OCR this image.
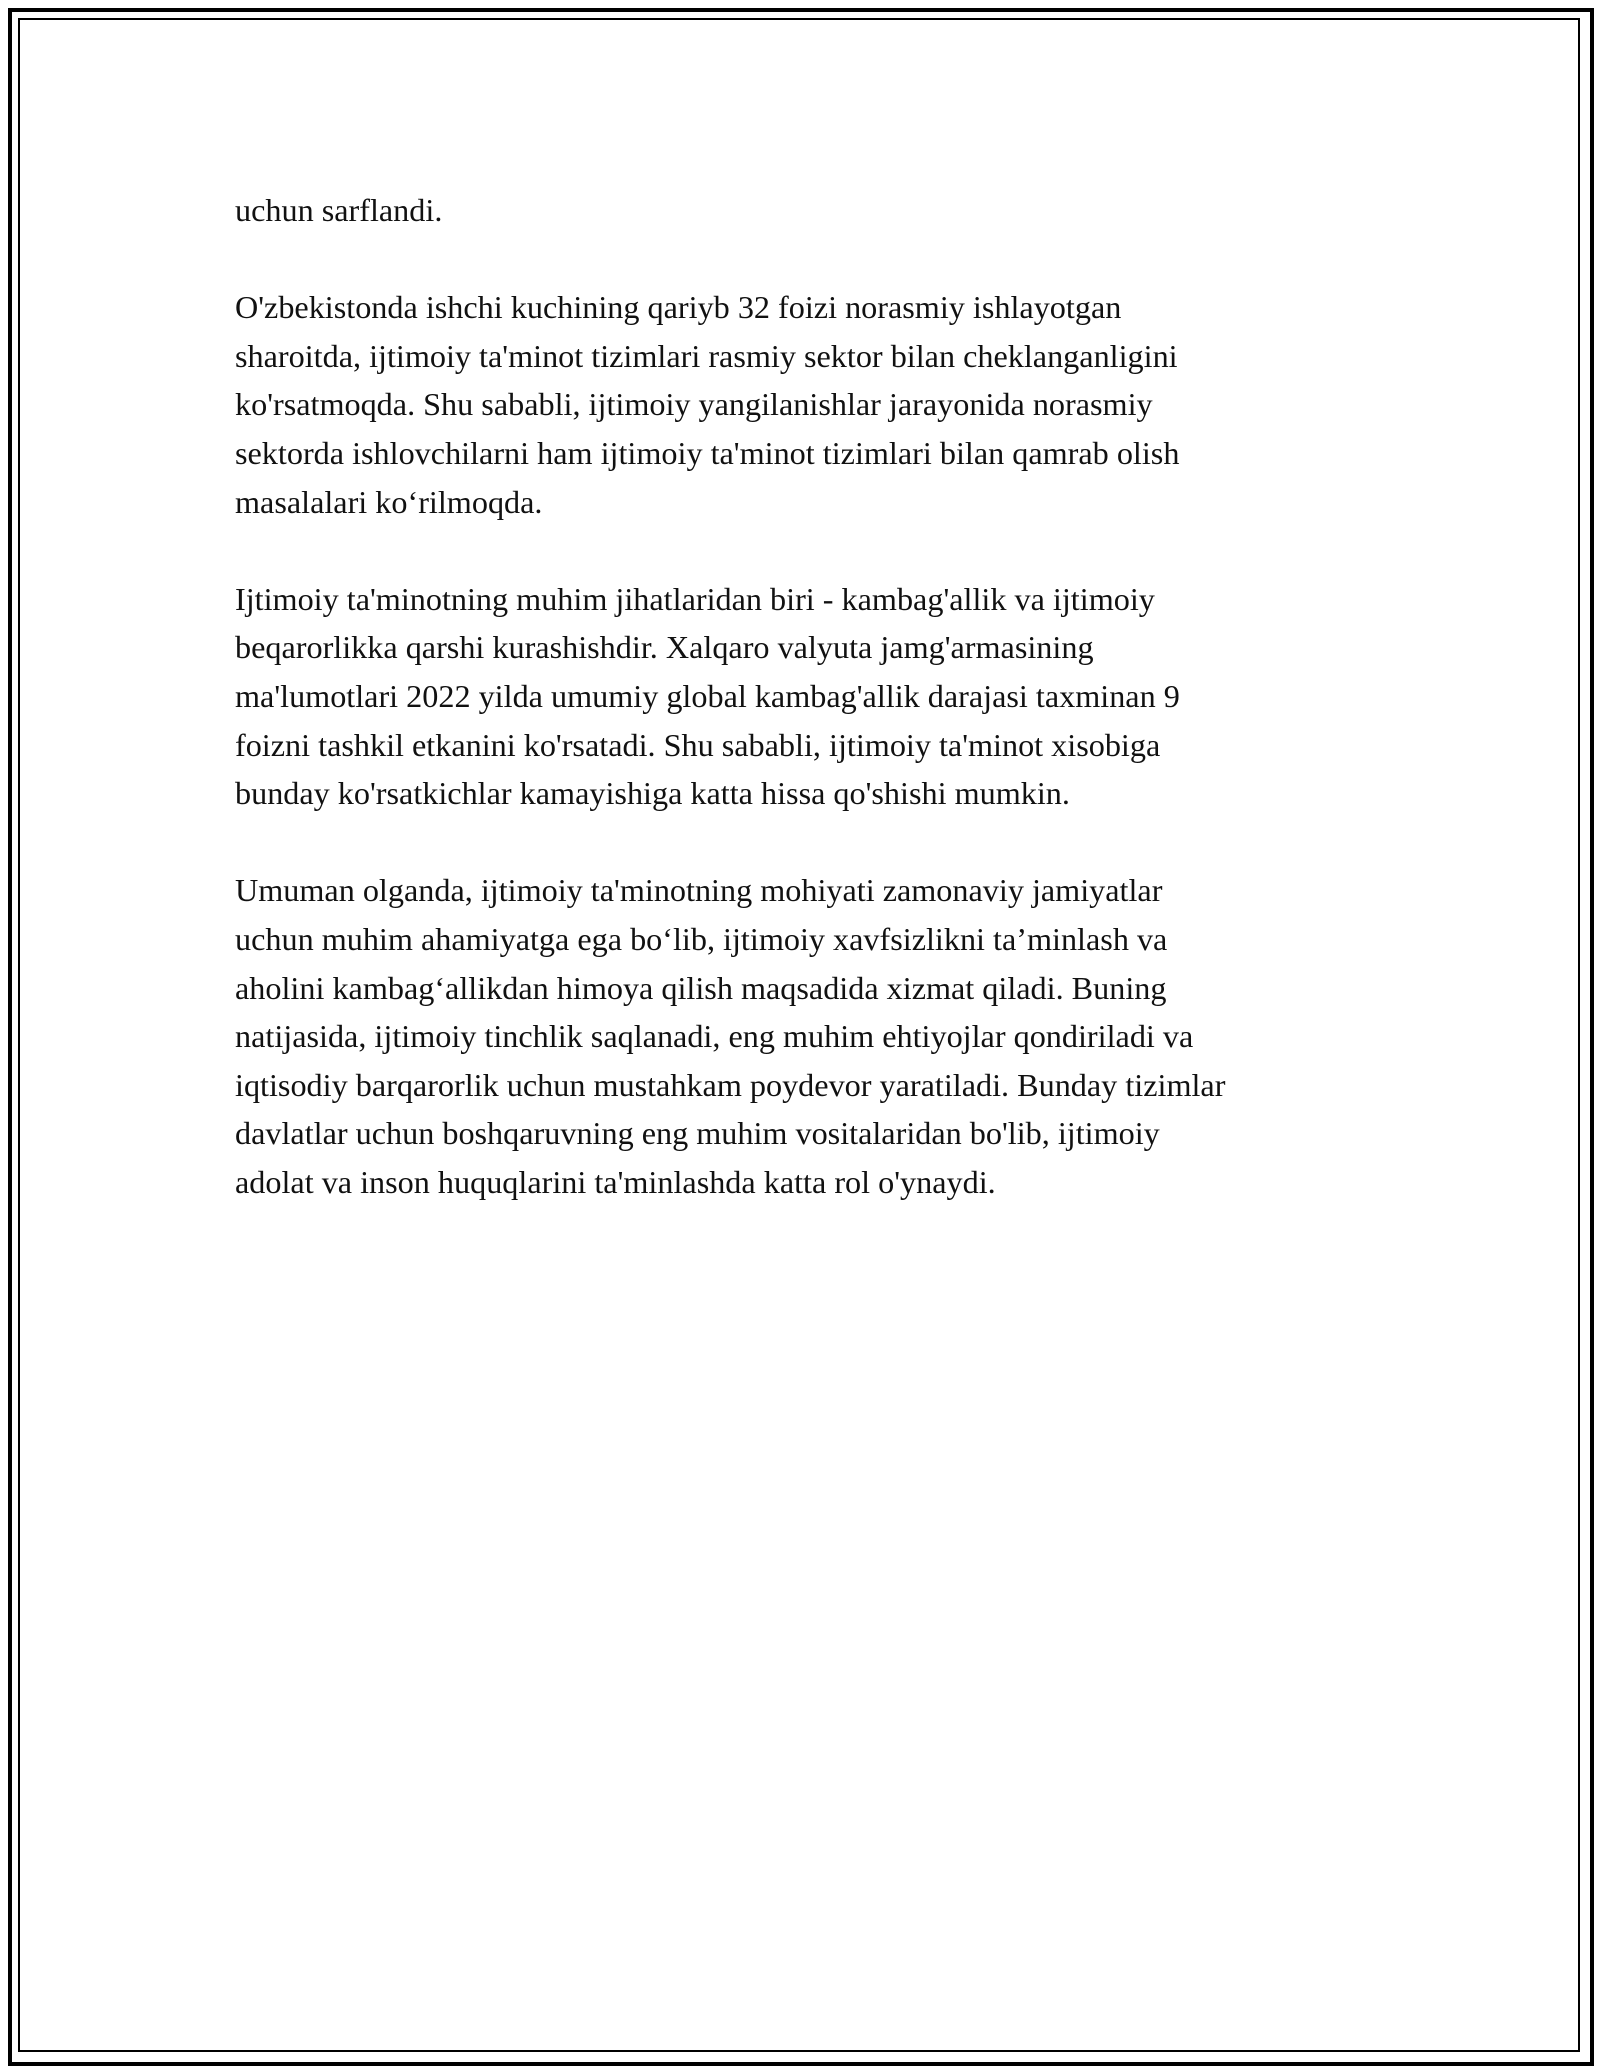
uchun sarflandi.

O'zbekistonda ishchi kuchining qariyb 32 foizi norasmiy ishlayotgan
sharoitda, ijtimoiy ta'minot tizimlari rasmiy sektor bilan cheklanganligini
ko'rsatmoqda. Shu sababli, ijtimoiy yangilanishlar jarayonida norasmiy
sektorda ishlovchilarni ham ijtimoiy ta'minot tizimlari bilan qamrab olish
masalalari ko‘rilmoqda.

Ijtimoiy ta'minotning muhim jihatlaridan biri - kambag'allik va ijtimoiy
beqarorlikka qarshi kurashishdir. Xalqaro valyuta jamg'armasining
ma'lumotlari 2022 yilda umumiy global kambag'allik darajasi taxminan 9
foizni tashkil etkanini ko'rsatadi. Shu sababli, ijtimoiy ta'minot xisobiga
bunday ko'rsatkichlar kamayishiga katta hissa qo'shishi mumkin.

Umuman olganda, ijtimoiy ta'minotning mohiyati zamonaviy jamiyatlar
uchun muhim ahamiyatga ega bo‘lib, ijtimoiy xavfsizlikni ta’minlash va
aholini kambag‘allikdan himoya qilish maqsadida xizmat qiladi. Buning
natijasida, ijtimoiy tinchlik saqlanadi, eng muhim ehtiyojlar qondiriladi va
iqtisodiy barqarorlik uchun mustahkam poydevor yaratiladi. Bunday tizimlar
davlatlar uchun boshqaruvning eng muhim vositalaridan bo'lib, ijtimoiy
adolat va inson huquqlarini ta'minlashda katta rol o'ynaydi.
